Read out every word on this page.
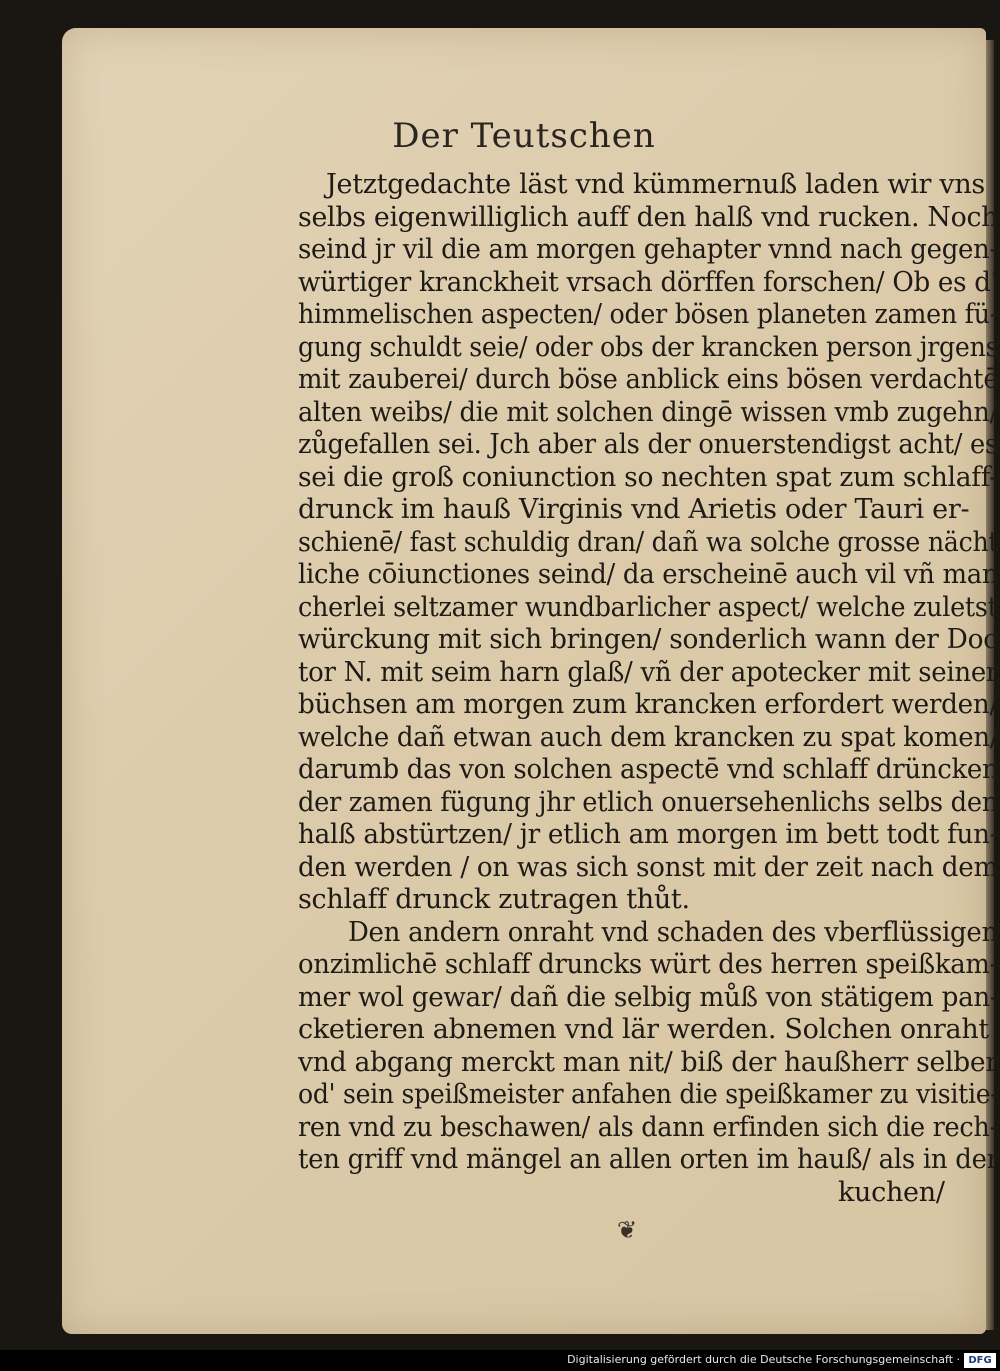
Der Teutschen
Jetztgedachte läst vnd kümmernuß laden wir vns
selbs eigenwilliglich auff den halß vnd rucken. Noch
seind jr vil die am morgen gehapter vnnd nach gegen-
würtiger kranckheit vrsach dörffen forschen/ Ob es d'
himmelischen aspecten/ oder bösen planeten zamen fü-
gung schuldt seie/ oder obs der krancken person jrgens
mit zauberei/ durch böse anblick eins bösen verdachtē
alten weibs/ die mit solchen dingē wissen vmb zugehn/
zůgefallen sei. Jch aber als der onuerstendigst acht/ es
sei die groß coniunction so nechten spat zum schlaff-
drunck im hauß Virginis vnd Arietis oder Tauri er-
schienē/ fast schuldig dran/ dañ wa solche grosse nächt
liche cōiunctiones seind/ da erscheinē auch vil vñ man
cherlei seltzamer wundbarlicher aspect/ welche zuletst
würckung mit sich bringen/ sonderlich wann der Doc
tor N. mit seim harn glaß/ vñ der apotecker mit seiner
büchsen am morgen zum krancken erfordert werden/
welche dañ etwan auch dem krancken zu spat komen/
darumb das von solchen aspectē vnd schlaff drüncken
der zamen fügung jhr etlich onuersehenlichs selbs den
halß abstürtzen/ jr etlich am morgen im bett todt fun-
den werden / on was sich sonst mit der zeit nach dem
schlaff drunck zutragen thůt.
Den andern onraht vnd schaden des vberflüssigen
onzimlichē schlaff druncks würt des herren speißkam-
mer wol gewar/ dañ die selbig můß von stätigem pan-
cketieren abnemen vnd lär werden. Solchen onraht
vnd abgang merckt man nit/ biß der haußherr selber
od' sein speißmeister anfahen die speißkamer zu visitie-
ren vnd zu beschawen/ als dann erfinden sich die rech-
ten griff vnd mängel an allen orten im hauß/ als in der
kuchen/
❦
Digitalisierung gefördert durch die Deutsche Forschungsgemeinschaft · DFG
